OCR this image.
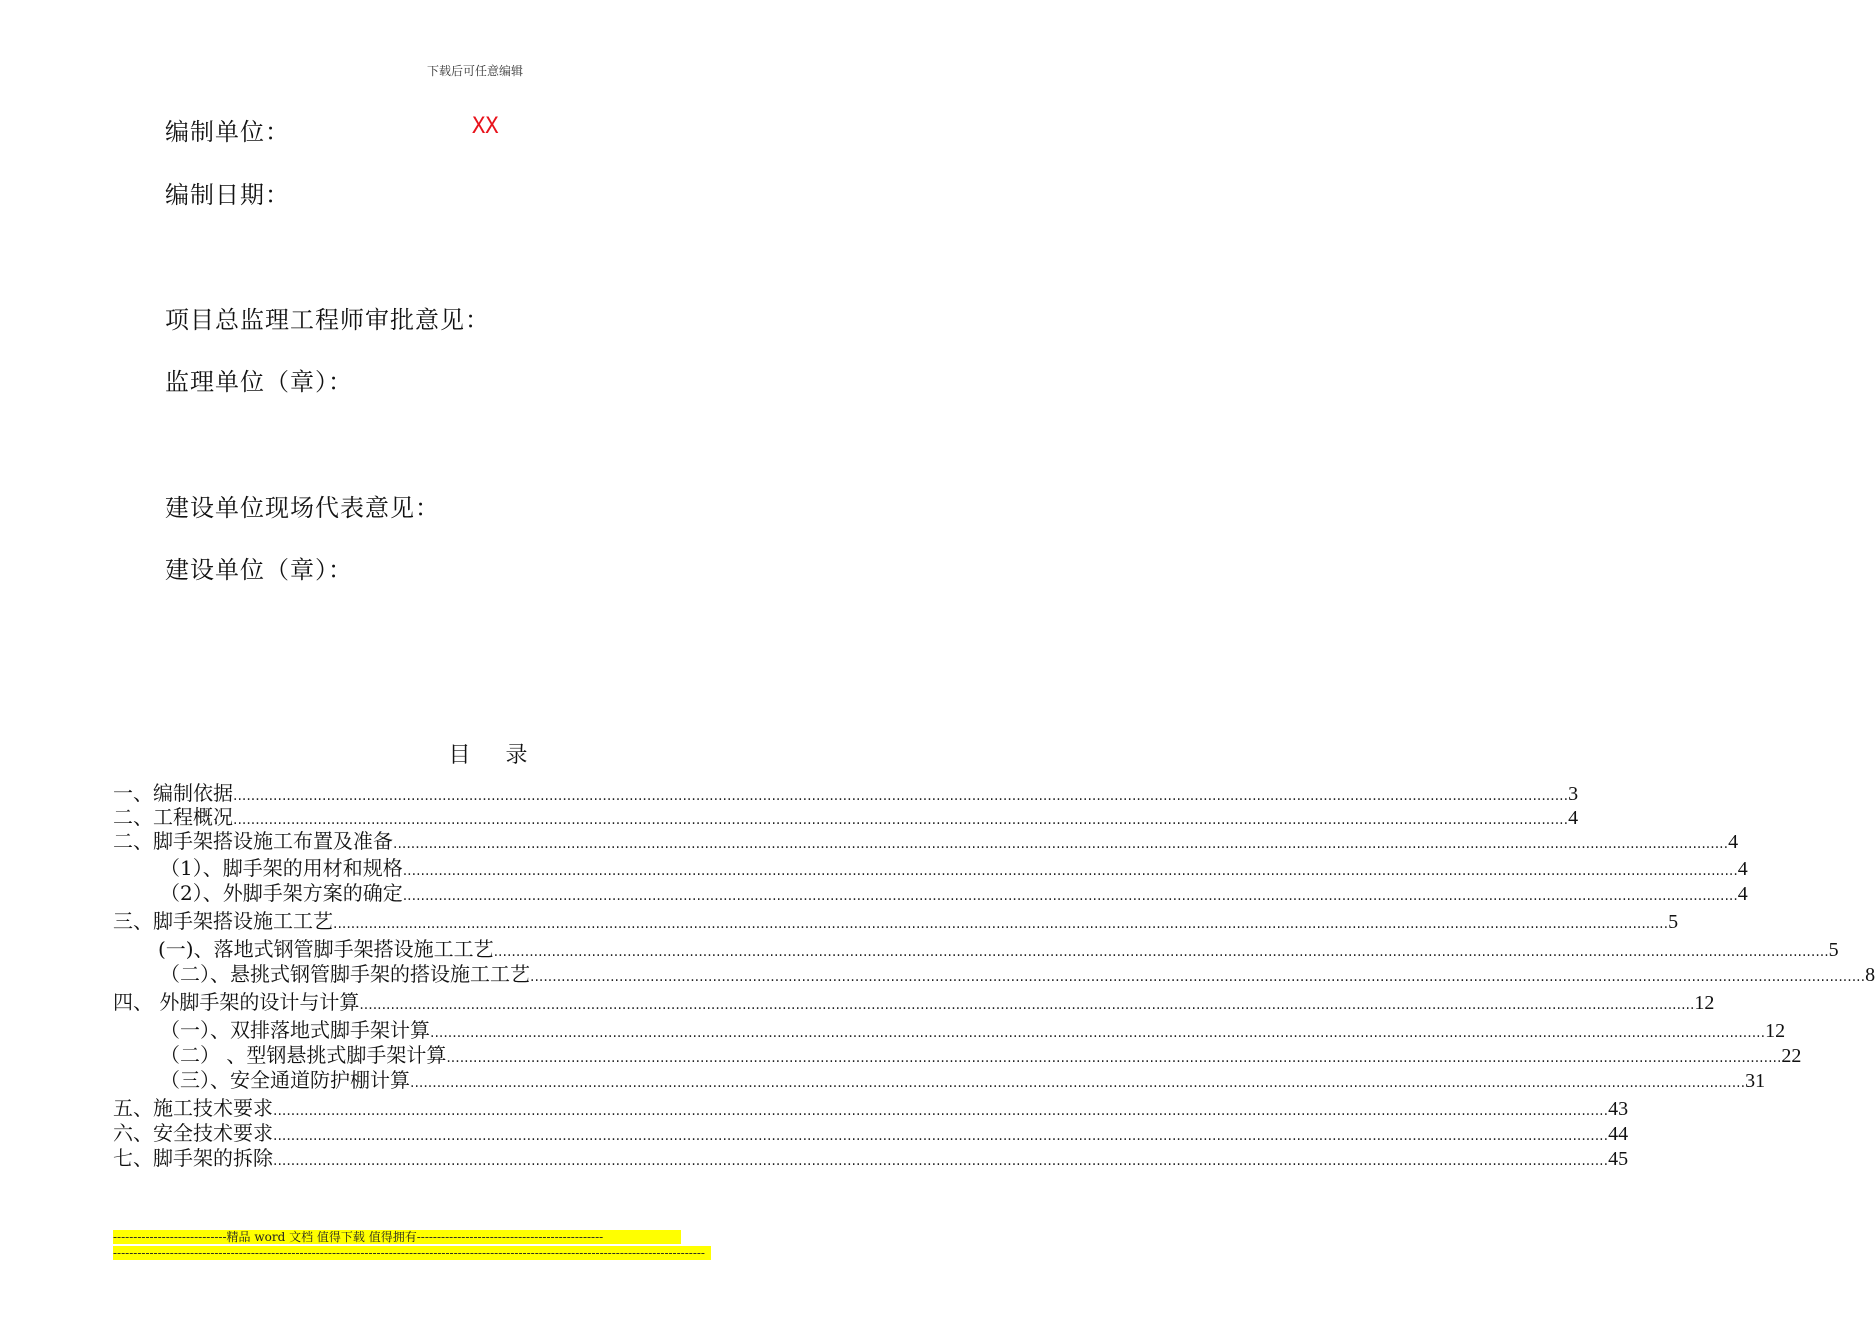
下载后可任意编辑
编制单位：	XX
编制日期：
项目总监理工程师审批意见：
监理单位（章）：
建设单位现场代表意见：
建设单位（章）：
目 录
一、编制依据 ............................................................................................................................................................................................................................................................................................................ 3
二、工程概况 ............................................................................................................................................................................................................................................................................................................ 4
二、脚手架搭设施工布置及准备 ............................................................................................................................................................................................................................................................................................................ 4
（1）、脚手架的用材和规格 ............................................................................................................................................................................................................................................................................................................ 4
（2）、外脚手架方案的确定 ............................................................................................................................................................................................................................................................................................................ 4
三、脚手架搭设施工工艺 ............................................................................................................................................................................................................................................................................................................ 5
(一)、落地式钢管脚手架搭设施工工艺 ............................................................................................................................................................................................................................................................................................................ 5
（二）、悬挑式钢管脚手架的搭设施工工艺 ............................................................................................................................................................................................................................................................................................................ 8
四、 外脚手架的设计与计算 ............................................................................................................................................................................................................................................................................................................ 12
（一）、双排落地式脚手架计算 ............................................................................................................................................................................................................................................................................................................ 12
（二） 、型钢悬挑式脚手架计算 ............................................................................................................................................................................................................................................................................................................ 22
（三）、安全通道防护棚计算 ............................................................................................................................................................................................................................................................................................................ 31
五、施工技术要求 ............................................................................................................................................................................................................................................................................................................ 43
六、安全技术要求 ............................................................................................................................................................................................................................................................................................................ 44
七、脚手架的拆除 ............................................................................................................................................................................................................................................................................................................ 45
----------------------------精品 word 文档 值得下载 值得拥有----------------------------------------------
--------------------------------------------------------------------------------------------------------------------------------------------------
